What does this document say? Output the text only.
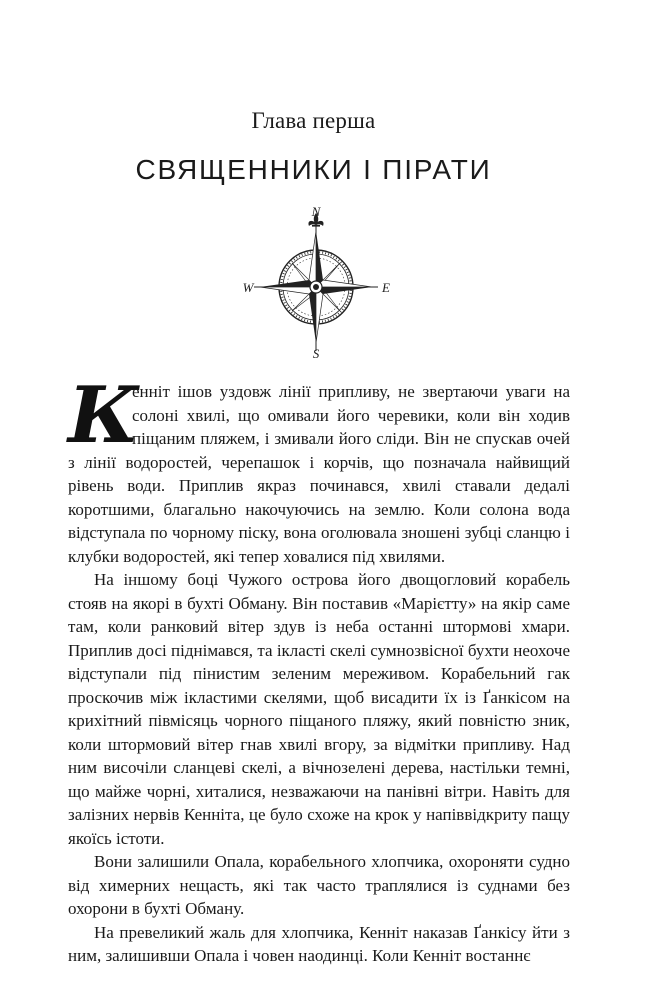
Глава перша
СВЯЩЕННИКИ І ПІРАТИ
N
S
E
W

К
енніт ішов уздовж лінії припливу, не звертаючи уваги на солоні хвилі, що омивали його черевики, коли він ходив піщаним пляжем, і змивали його сліди. Він не спускав очей з лінії водоростей, черепашок і корчів, що позначала найвищий рівень води. Приплив якраз починався, хвилі ставали дедалі коротшими, благально накочуючись на землю. Коли солона вода відступала по чорному піску, вона оголювала зношені зубці сланцю і клубки водоростей, які тепер ховалися під хвилями.

На іншому боці Чужого острова його двощогловий корабель стояв на якорі в бухті Обману. Він поставив «Марієтту» на якір саме там, коли ранковий вітер здув із неба останні штормові хмари. Приплив досі піднімався, та ікласті скелі сумнозвісної бухти неохоче відступали під пінистим зеленим мереживом. Корабельний гак проскочив між ікластими скелями, щоб висадити їх із Ґанкісом на крихітний півмісяць чорного піщаного пляжу, який повністю зник, коли штормовий вітер гнав хвилі вгору, за відмітки припливу. Над ним височіли сланцеві скелі, а вічнозелені дерева, настільки темні, що майже чорні, хиталися, незважаючи на панівні вітри. Навіть для залізних нервів Кенніта, це було схоже на крок у напіввідкриту пащу якоїсь істоти.

Вони залишили Опала, корабельного хлопчика, охороняти судно від химерних нещасть, які так часто траплялися із суднами без охорони в бухті Обману.

На превеликий жаль для хлопчика, Кенніт наказав Ґанкісу йти з ним, залишивши Опала і човен наодинці. Коли Кенніт востаннє
